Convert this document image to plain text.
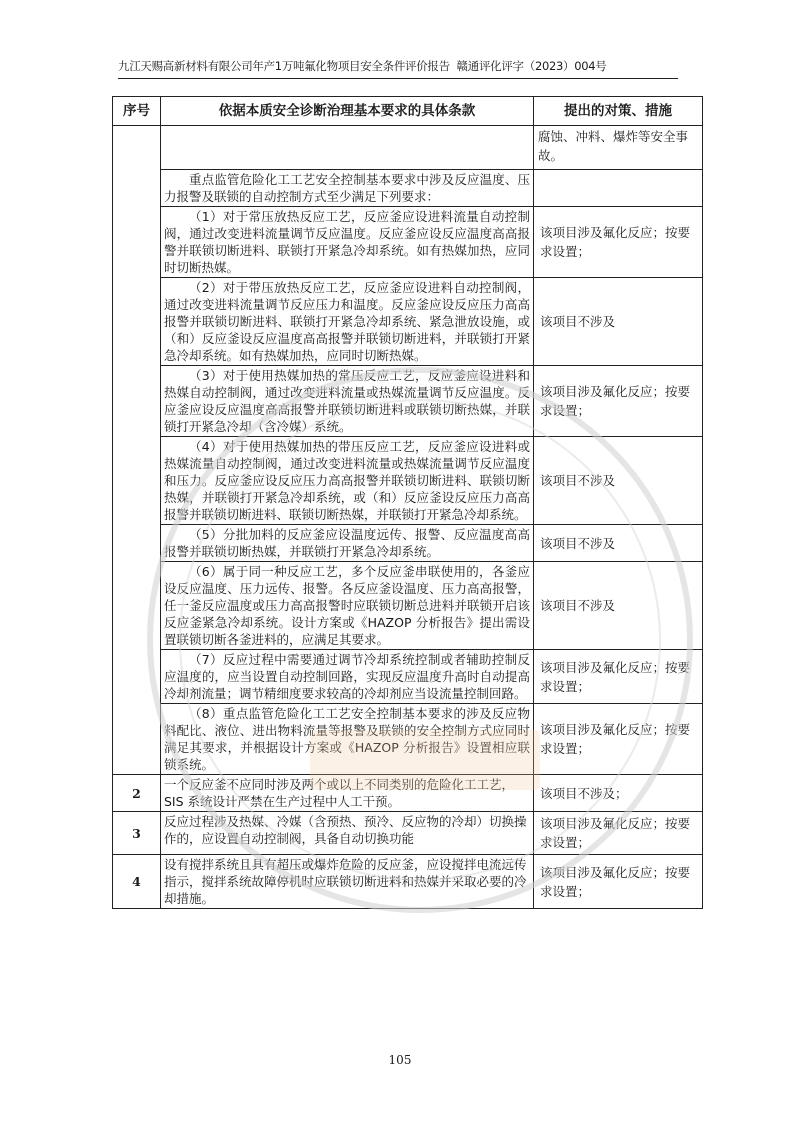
九江天赐高新材料有限公司年产1万吨氟化物项目安全条件评价报告 赣通评化评字（2023）004号
序号	依据本质安全诊断治理基本要求的具体条款	提出的对策、措施
		腐蚀、冲料、爆炸等安全事故。
	重点监管危险化工工艺安全控制基本要求中涉及反应温度、压力报警及联锁的自动控制方式至少满足下列要求：	
	（1）对于常压放热反应工艺，反应釜应设进料流量自动控制阀，通过改变进料流量调节反应温度。反应釜应设反应温度高高报警并联锁切断进料、联锁打开紧急冷却系统。如有热媒加热，应同时切断热媒。	该项目涉及氟化反应；按要求设置；
	（2）对于带压放热反应工艺，反应釜应设进料自动控制阀，通过改变进料流量调节反应压力和温度。反应釜应设反应压力高高报警并联锁切断进料、联锁打开紧急冷却系统、紧急泄放设施，或（和）反应釜设反应温度高高报警并联锁切断进料，并联锁打开紧急冷却系统。如有热媒加热，应同时切断热媒。	该项目不涉及
	（3）对于使用热媒加热的常压反应工艺，反应釜应设进料和热媒自动控制阀，通过改变进料流量或热媒流量调节反应温度。反应釜应设反应温度高高报警并联锁切断进料或联锁切断热媒，并联锁打开紧急冷却（含冷媒）系统。	该项目涉及氟化反应；按要求设置；
	（4）对于使用热媒加热的带压反应工艺，反应釜应设进料或热媒流量自动控制阀，通过改变进料流量或热媒流量调节反应温度和压力。反应釜应设反应压力高高报警并联锁切断进料、联锁切断热媒，并联锁打开紧急冷却系统，或（和）反应釜设反应压力高高报警并联锁切断进料、联锁切断热媒，并联锁打开紧急冷却系统。	该项目不涉及
	（5）分批加料的反应釜应设温度远传、报警、反应温度高高报警并联锁切断热媒，并联锁打开紧急冷却系统。	该项目不涉及
	（6）属于同一种反应工艺，多个反应釜串联使用的，各釜应设反应温度、压力远传、报警。各反应釜设温度、压力高高报警，任一釜反应温度或压力高高报警时应联锁切断总进料并联锁开启该反应釜紧急冷却系统。设计方案或《HAZOP 分析报告》提出需设置联锁切断各釜进料的，应满足其要求。	该项目不涉及
	（7）反应过程中需要通过调节冷却系统控制或者辅助控制反应温度的，应当设置自动控制回路，实现反应温度升高时自动提高冷却剂流量；调节精细度要求较高的冷却剂应当设流量控制回路。	该项目涉及氟化反应；按要求设置；
	（8）重点监管危险化工工艺安全控制基本要求的涉及反应物料配比、液位、进出物料流量等报警及联锁的安全控制方式应同时满足其要求，并根据设计方案或《HAZOP 分析报告》设置相应联锁系统。	该项目涉及氟化反应；按要求设置；
2	一个反应釜不应同时涉及两个或以上不同类别的危险化工工艺，SIS 系统设计严禁在生产过程中人工干预。	该项目不涉及；
3	反应过程涉及热媒、冷媒（含预热、预冷、反应物的冷却）切换操作的，应设置自动控制阀，具备自动切换功能	该项目涉及氟化反应；按要求设置；
4	设有搅拌系统且具有超压或爆炸危险的反应釜，应设搅拌电流远传指示，搅拌系统故障停机时应联锁切断进料和热媒并采取必要的冷却措施。	该项目涉及氟化反应；按要求设置；
105
